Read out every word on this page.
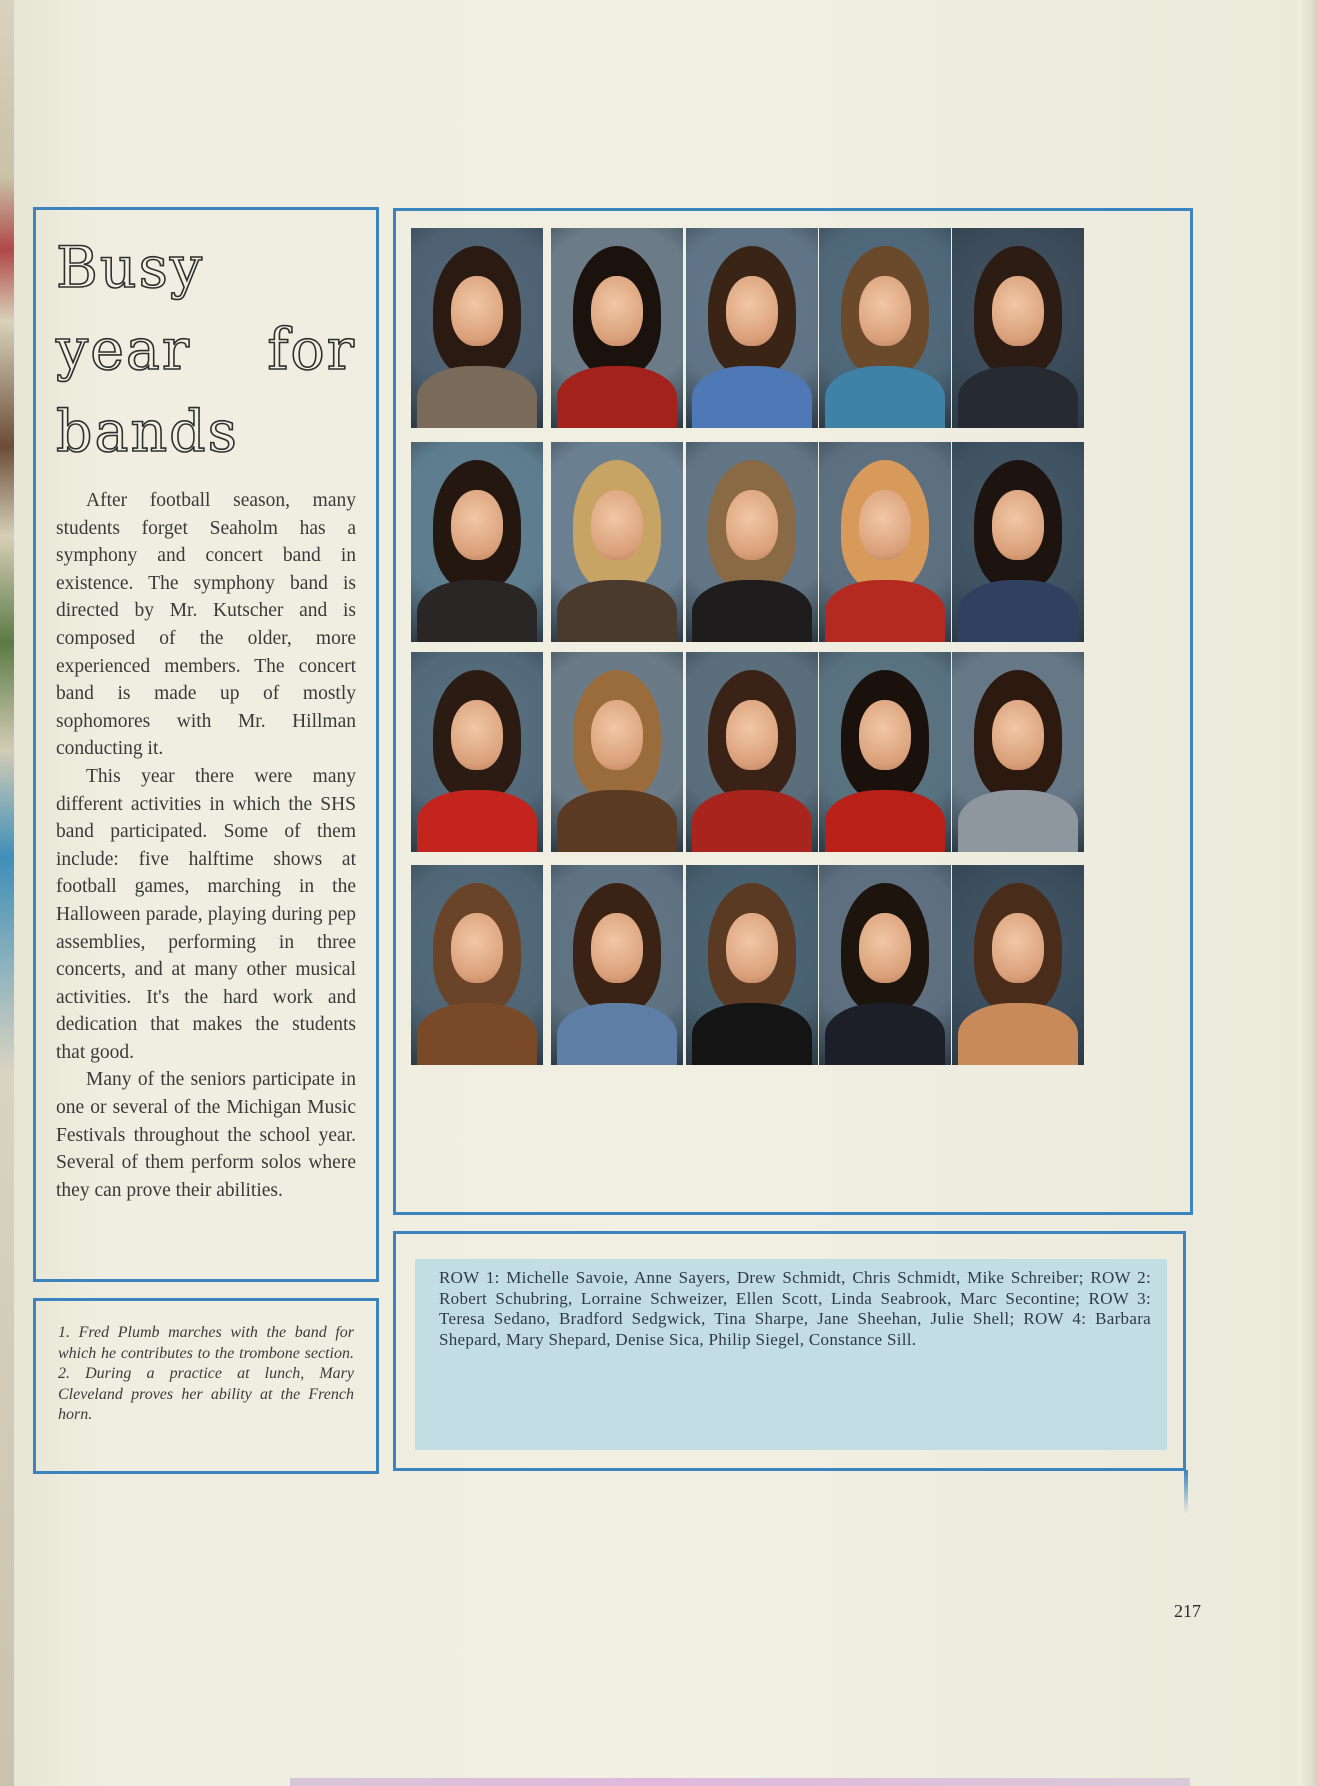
Busy year for bands

After football season, many students forget Seaholm has a symphony and concert band in existence. The symphony band is directed by Mr. Kutscher and is composed of the older, more experienced members. The concert band is made up of mostly sophomores with Mr. Hillman conducting it.

This year there were many different activities in which the SHS band participated. Some of them include: five halftime shows at football games, marching in the Halloween parade, playing during pep assemblies, performing in three concerts, and at many other musical activities. It's the hard work and dedication that makes the students that good.

Many of the seniors participate in one or several of the Michigan Music Festivals throughout the school year. Several of them perform solos where they can prove their abilities.

1. Fred Plumb marches with the band for which he contributes to the trombone section. 2. During a practice at lunch, Mary Cleveland proves her ability at the French horn.
ROW 1: Michelle Savoie, Anne Sayers, Drew Schmidt, Chris Schmidt, Mike Schreiber; ROW 2: Robert Schubring, Lorraine Schweizer, Ellen Scott, Linda Seabrook, Marc Secontine; ROW 3: Teresa Sedano, Bradford Sedgwick, Tina Sharpe, Jane Sheehan, Julie Shell; ROW 4: Barbara Shepard, Mary Shepard, Denise Sica, Philip Siegel, Constance Sill.
217
